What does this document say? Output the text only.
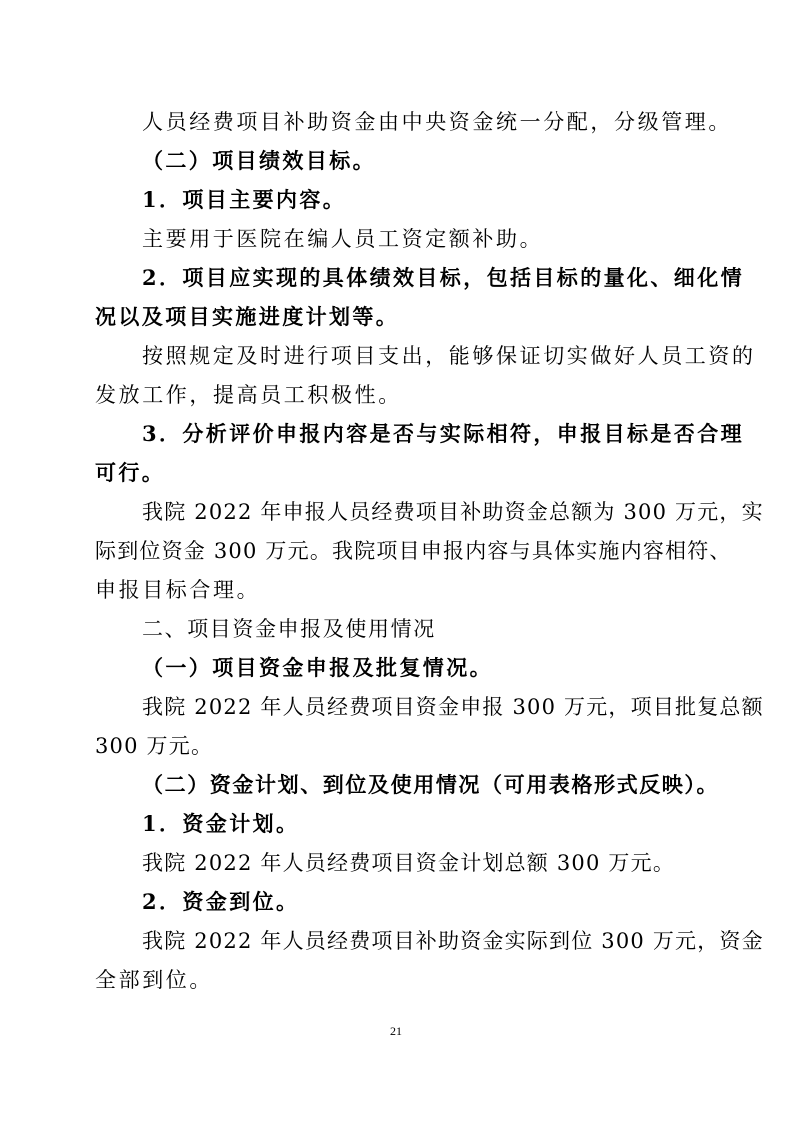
人员经费项目补助资金由中央资金统一分配，分级管理。
（二）项目绩效目标。
1．项目主要内容。
主要用于医院在编人员工资定额补助。
2．项目应实现的具体绩效目标，包括目标的量化、细化情
况以及项目实施进度计划等。
按照规定及时进行项目支出，能够保证切实做好人员工资的
发放工作，提高员工积极性。
3．分析评价申报内容是否与实际相符，申报目标是否合理
可行。
我院 2022 年申报人员经费项目补助资金总额为 300 万元，实
际到位资金 300 万元。我院项目申报内容与具体实施内容相符、
申报目标合理。
二、项目资金申报及使用情况
（一）项目资金申报及批复情况。
我院 2022 年人员经费项目资金申报 300 万元，项目批复总额
300 万元。
（二）资金计划、到位及使用情况（可用表格形式反映）。
1．资金计划。
我院 2022 年人员经费项目资金计划总额 300 万元。
2．资金到位。
我院 2022 年人员经费项目补助资金实际到位 300 万元，资金
全部到位。
21
